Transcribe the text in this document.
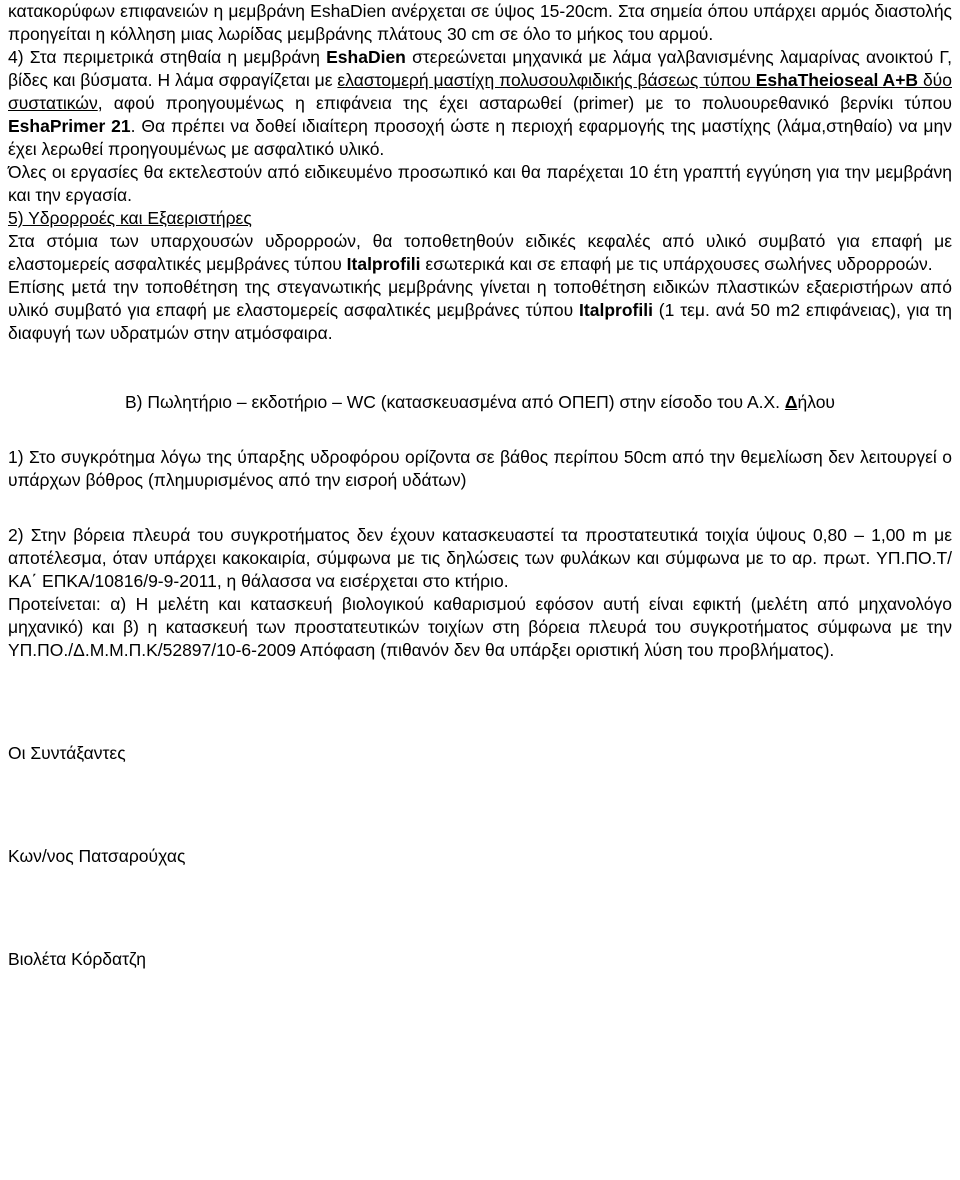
κατακορύφων επιφανειών η μεμβράνη EshaDien ανέρχεται σε ύψος 15-20cm. Στα σημεία όπου υπάρχει αρμός διαστολής προηγείται η κόλληση μιας λωρίδας μεμβράνης πλάτους 30 cm σε όλο το μήκος του αρμού.

4) Στα περιμετρικά στηθαία η μεμβράνη EshaDien στερεώνεται μηχανικά με λάμα γαλβανισμένης λαμαρίνας ανοικτού Γ, βίδες και βύσματα. Η λάμα σφραγίζεται με ελαστομερή μαστίχη πολυσουλφιδικής βάσεως τύπου EshaTheioseal A+B δύο συστατικών, αφού προηγουμένως η επιφάνεια της έχει ασταρωθεί (primer) με το πολυουρεθανικό βερνίκι τύπου EshaPrimer 21. Θα πρέπει να δοθεί ιδιαίτερη προσοχή ώστε η περιοχή εφαρμογής της μαστίχης (λάμα,στηθαίο) να μην έχει λερωθεί προηγουμένως με ασφαλτικό υλικό.

Όλες οι εργασίες θα εκτελεστούν από ειδικευμένο προσωπικό και θα παρέχεται 10 έτη γραπτή εγγύηση για την μεμβράνη και την εργασία.

5) Υδρορροές και Εξαεριστήρες

Στα στόμια των υπαρχουσών υδρορροών, θα τοποθετηθούν ειδικές κεφαλές από υλικό συμβατό για επαφή με ελαστομερείς ασφαλτικές μεμβράνες τύπου Italprofili εσωτερικά και σε επαφή με τις υπάρχουσες σωλήνες υδρορροών.

Επίσης μετά την τοποθέτηση της στεγανωτικής μεμβράνης γίνεται η τοποθέτηση ειδικών πλαστικών εξαεριστήρων από υλικό συμβατό για επαφή με ελαστομερείς ασφαλτικές μεμβράνες τύπου Italprofili (1 τεμ. ανά 50 m2 επιφάνειας), για τη διαφυγή των υδρατμών στην ατμόσφαιρα.

Β) Πωλητήριο – εκδοτήριο – WC (κατασκευασμένα από ΟΠΕΠ) στην είσοδο του Α.Χ. Δήλου

1) Στο συγκρότημα λόγω της ύπαρξης υδροφόρου ορίζοντα σε βάθος περίπου 50cm από την θεμελίωση δεν λειτουργεί ο υπάρχων βόθρος (πλημυρισμένος από την εισροή υδάτων)

2) Στην βόρεια πλευρά του συγκροτήματος δεν έχουν κατασκευαστεί τα προστατευτικά τοιχία ύψους 0,80 – 1,00 m με αποτέλεσμα, όταν υπάρχει κακοκαιρία, σύμφωνα με τις δηλώσεις των φυλάκων και σύμφωνα με το αρ. πρωτ. ΥΠ.ΠΟ.Τ/ΚΑ΄ ΕΠΚΑ/10816/9-9-2011, η θάλασσα να εισέρχεται στο κτήριο.

Προτείνεται: α) Η μελέτη και κατασκευή βιολογικού καθαρισμού εφόσον αυτή είναι εφικτή (μελέτη από μηχανολόγο μηχανικό) και β) η κατασκευή των προστατευτικών τοιχίων στη βόρεια πλευρά του συγκροτήματος σύμφωνα με την ΥΠ.ΠΟ./Δ.Μ.Μ.Π.Κ/52897/10-6-2009 Απόφαση (πιθανόν δεν θα υπάρξει οριστική λύση του προβλήματος).

Οι Συντάξαντες

Κων/νος Πατσαρούχας

Βιολέτα Κόρδατζη
